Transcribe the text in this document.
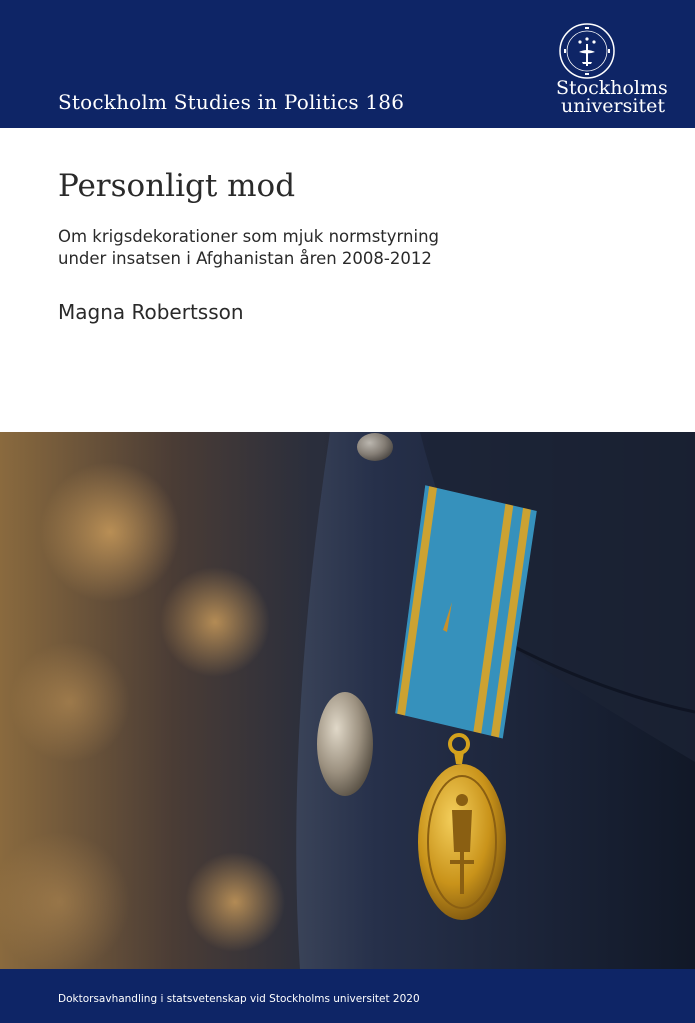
Stockholm Studies in Politics 186
Stockholms
universitet
Personligt mod
Om krigsdekorationer som mjuk normstyrning
under insatsen i Afghanistan åren 2008-2012
Magna Robertsson
Doktorsavhandling i statsvetenskap vid Stockholms universitet 2020
